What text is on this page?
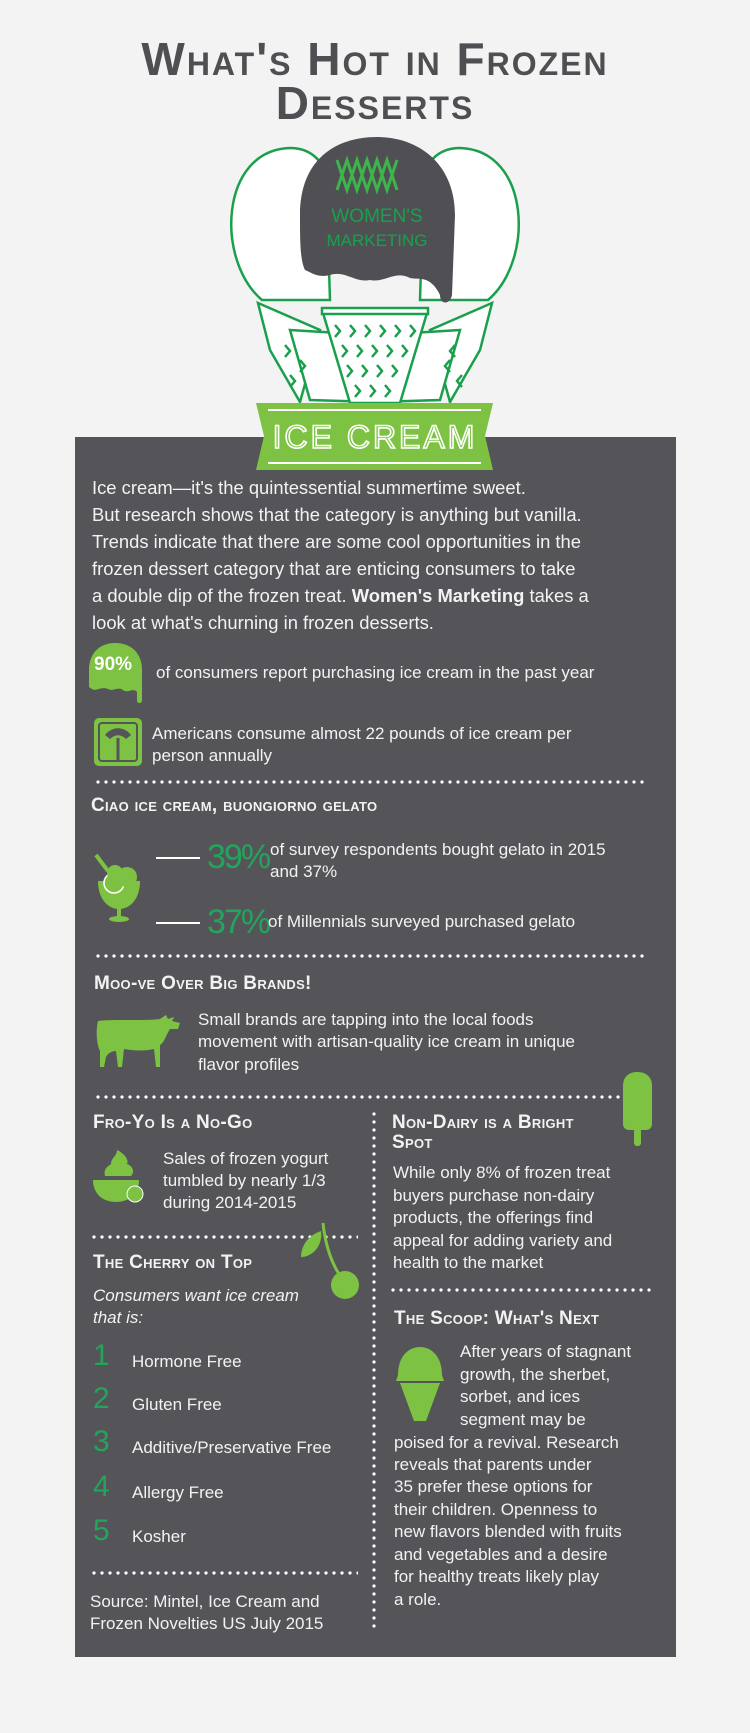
What's Hot in Frozen
Desserts
WOMEN'S
MARKETING
ICE CREAM
Ice cream—it's the quintessential summertime sweet.
But research shows that the category is anything but vanilla.
Trends indicate that there are some cool opportunities in the
frozen dessert category that are enticing consumers to take
a double dip of the frozen treat. Women's Marketing takes a
look at what's churning in frozen desserts.
90% of consumers report purchasing ice cream in the past year
Americans consume almost 22 pounds of ice cream per
person annually
Ciao ice cream, buongiorno gelato
39% of survey respondents bought gelato in 2015
and 37%
37%
of Millennials surveyed purchased gelato
Moo-ve Over Big Brands!
Small brands are tapping into the local foods
movement with artisan-quality ice cream in unique
flavor profiles
Fro-Yo Is a No-Go
Sales of frozen yogurt
tumbled by nearly 1/3
during 2014-2015
Non-Dairy is a Bright
Spot
While only 8% of frozen treat
buyers purchase non-dairy
products, the offerings find
appeal for adding variety and
health to the market
The Cherry on Top
Consumers want ice cream
that is:
1 Hormone Free
2 Gluten Free
3 Additive/Preservative Free
4 Allergy Free
5 Kosher
Source: Mintel, Ice Cream and
Frozen Novelties US July 2015
The Scoop: What's Next
After years of stagnant
growth, the sherbet,
sorbet, and ices
segment may be
poised for a revival. Research
reveals that parents under
35 prefer these options for
their children. Openness to
new flavors blended with fruits
and vegetables and a desire
for healthy treats likely play
a role.
